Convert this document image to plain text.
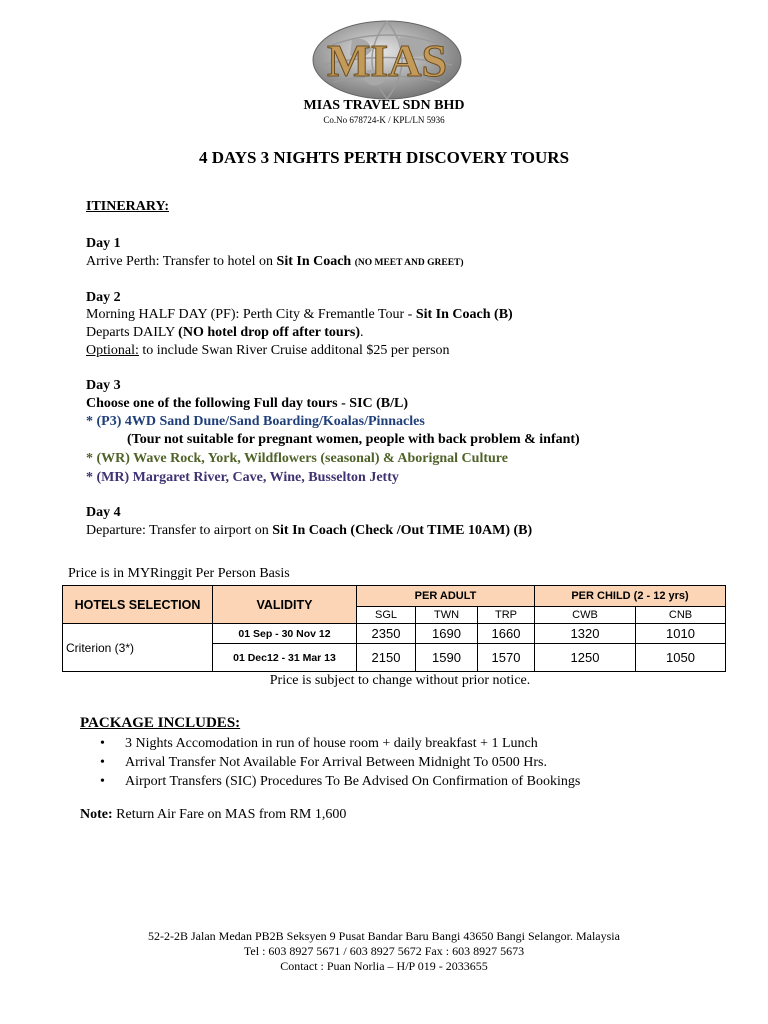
MIAS
MIAS TRAVEL SDN BHD
Co.No 678724-K / KPL/LN 5936
4 DAYS 3 NIGHTS PERTH DISCOVERY TOURS
ITINERARY:
Day 1
Arrive Perth: Transfer to hotel on Sit In Coach (NO MEET AND GREET)
Day 2
Morning HALF DAY (PF): Perth City & Fremantle Tour - Sit In Coach (B)
Departs DAILY (NO hotel drop off after tours).
Optional: to include Swan River Cruise additonal $25 per person
Day 3
Choose one of the following Full day tours - SIC (B/L)
* (P3) 4WD Sand Dune/Sand Boarding/Koalas/Pinnacles
(Tour not suitable for pregnant women, people with back problem & infant)
* (WR) Wave Rock, York, Wildflowers (seasonal) & Aborignal Culture
* (MR) Margaret River, Cave, Wine, Busselton Jetty
Day 4
Departure: Transfer to airport on Sit In Coach (Check /Out TIME 10AM) (B)
Price is in MYRinggit Per Person Basis
HOTELS SELECTION	VALIDITY	PER ADULT			PER CHILD (2 - 12 yrs)	
		SGL	TWN	TRP	CWB	CNB
Criterion (3*)	01 Sep - 30 Nov 12	2350	1690	1660	1320	1010
	01 Dec12 - 31 Mar 13	2150	1590	1570	1250	1050
Price is subject to change without prior notice.
PACKAGE INCLUDES:
• 3 Nights Accomodation in run of house room + daily breakfast + 1 Lunch
• Arrival Transfer Not Available For Arrival Between Midnight To 0500 Hrs.
• Airport Transfers (SIC) Procedures To Be Advised On Confirmation of Bookings
Note: Return Air Fare on MAS from RM 1,600
52-2-2B Jalan Medan PB2B Seksyen 9 Pusat Bandar Baru Bangi 43650 Bangi Selangor. Malaysia
Tel : 603 8927 5671 / 603 8927 5672 Fax : 603 8927 5673
Contact : Puan Norlia – H/P 019 - 2033655
